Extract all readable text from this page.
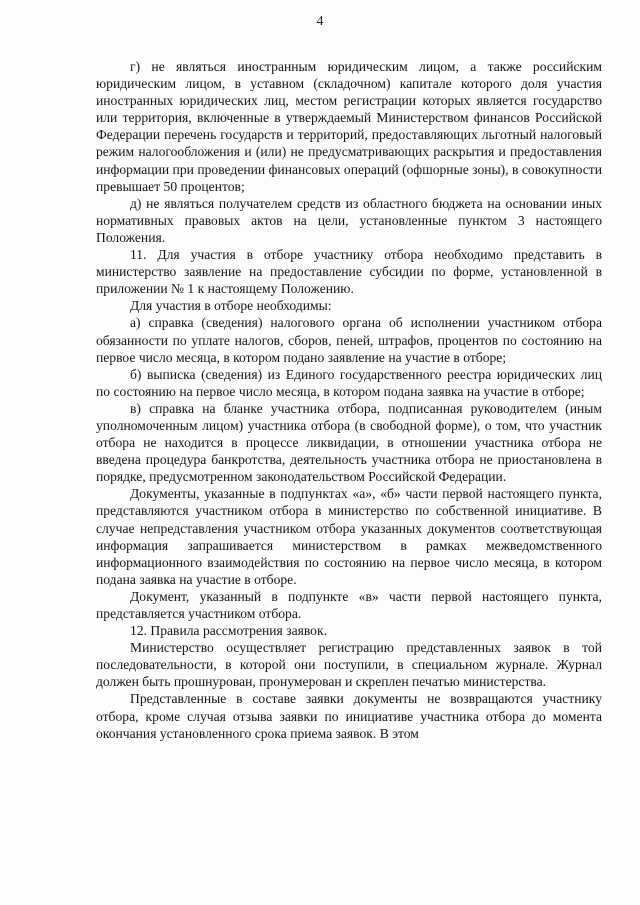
4

г) не являться иностранным юридическим лицом, а также российским юридическим лицом, в уставном (складочном) капитале которого доля участия иностранных юридических лиц, местом регистрации которых является государство или территория, включенные в утверждаемый Министерством финансов Российской Федерации перечень государств и территорий, предоставляющих льготный налоговый режим налогообложения и (или) не предусматривающих раскрытия и предоставления информации при проведении финансовых операций (офшорные зоны), в совокупности превышает 50 процентов;

д) не являться получателем средств из областного бюджета на основании иных нормативных правовых актов на цели, установленные пунктом 3 настоящего Положения.

11. Для участия в отборе участнику отбора необходимо представить в министерство заявление на предоставление субсидии по форме, установленной в приложении № 1 к настоящему Положению.

Для участия в отборе необходимы:

а) справка (сведения) налогового органа об исполнении участником отбора обязанности по уплате налогов, сборов, пеней, штрафов, процентов по состоянию на первое число месяца, в котором подано заявление на участие в отборе;

б) выписка (сведения) из Единого государственного реестра юридических лиц по состоянию на первое число месяца, в котором подана заявка на участие в отборе;

в) справка на бланке участника отбора, подписанная руководителем (иным уполномоченным лицом) участника отбора (в свободной форме), о том, что участник отбора не находится в процессе ликвидации, в отношении участника отбора не введена процедура банкротства, деятельность участника отбора не приостановлена в порядке, предусмотренном законодательством Российской Федерации.

Документы, указанные в подпунктах «а», «б» части первой настоящего пункта, представляются участником отбора в министерство по собственной инициативе. В случае непредставления участником отбора указанных документов соответствующая информация запрашивается министерством в рамках межведомственного информационного взаимодействия по состоянию на первое число месяца, в котором подана заявка на участие в отборе.

Документ, указанный в подпункте «в» части первой настоящего пункта, представляется участником отбора.

12. Правила рассмотрения заявок.

Министерство осуществляет регистрацию представленных заявок в той последовательности, в которой они поступили, в специальном журнале. Журнал должен быть прошнурован, пронумерован и скреплен печатью министерства.

Представленные в составе заявки документы не возвращаются участнику отбора, кроме случая отзыва заявки по инициативе участника отбора до момента окончания установленного срока приема заявок. В этом
